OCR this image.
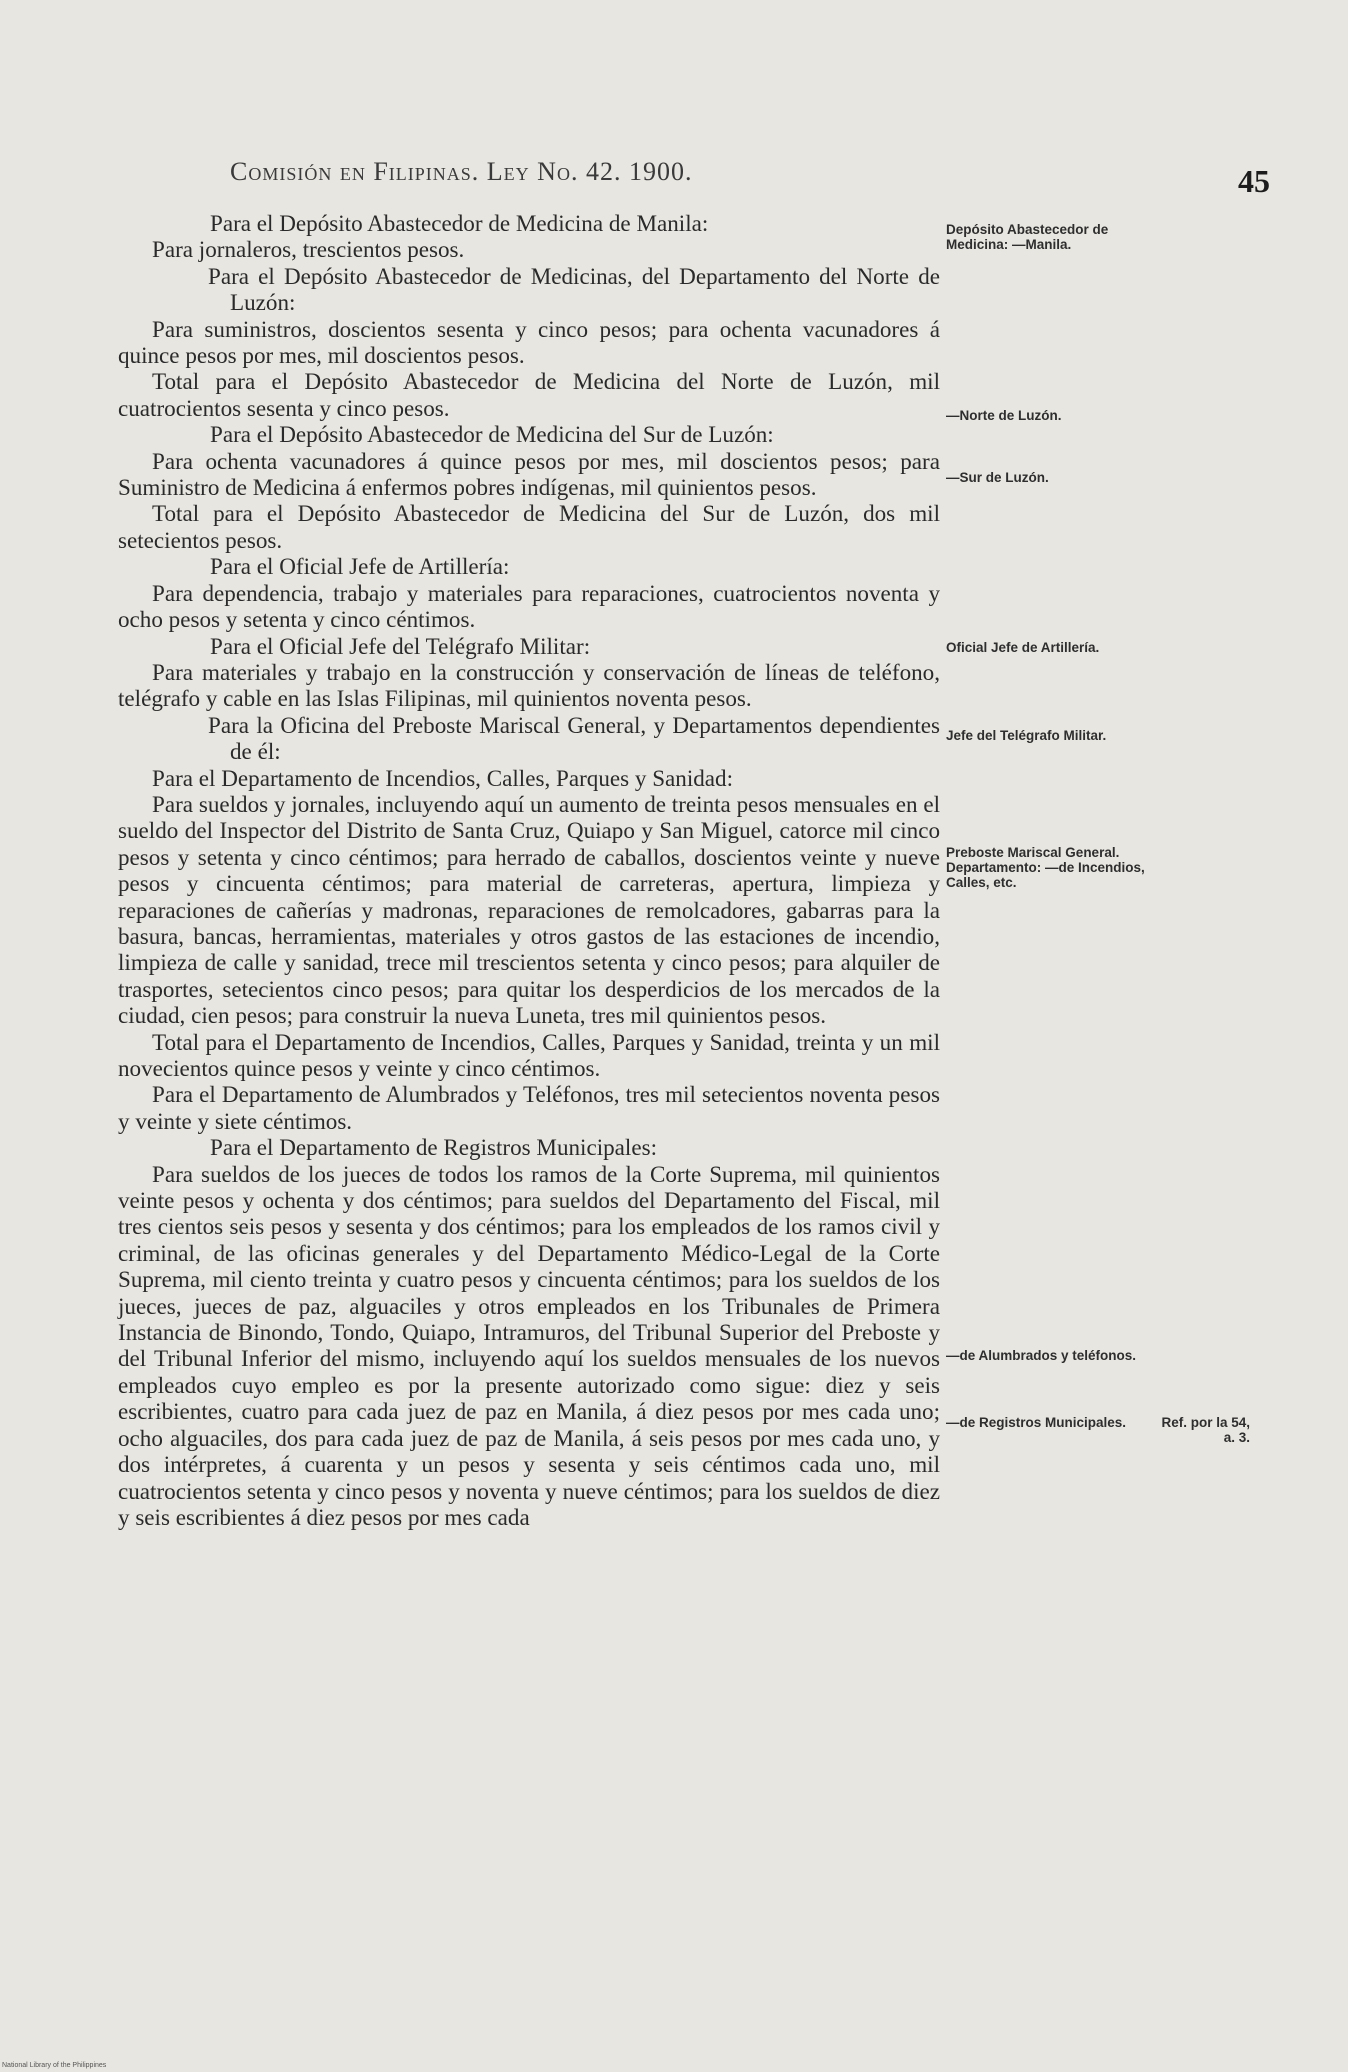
Comisión en Filipinas. Ley No. 42. 1900.	45

Para el Depósito Abastecedor de Medicina de Manila:

Para jornaleros, trescientos pesos.

Para el Depósito Abastecedor de Medicinas, del Departamento del Norte de Luzón:

Para suministros, doscientos sesenta y cinco pesos; para ochenta vacunadores á quince pesos por mes, mil doscientos pesos.

Total para el Depósito Abastecedor de Medicina del Norte de Luzón, mil cuatrocientos sesenta y cinco pesos.

Para el Depósito Abastecedor de Medicina del Sur de Luzón:

Para ochenta vacunadores á quince pesos por mes, mil doscientos pesos; para Suministro de Medicina á enfermos pobres indígenas, mil quinientos pesos.

Total para el Depósito Abastecedor de Medicina del Sur de Luzón, dos mil setecientos pesos.

Para el Oficial Jefe de Artillería:

Para dependencia, trabajo y materiales para reparaciones, cuatrocientos noventa y ocho pesos y setenta y cinco céntimos.

Para el Oficial Jefe del Telégrafo Militar:

Para materiales y trabajo en la construcción y conservación de líneas de teléfono, telégrafo y cable en las Islas Filipinas, mil quinientos noventa pesos.

Para la Oficina del Preboste Mariscal General, y Departamentos dependientes de él:

Para el Departamento de Incendios, Calles, Parques y Sanidad:

Para sueldos y jornales, incluyendo aquí un aumento de treinta pesos mensuales en el sueldo del Inspector del Distrito de Santa Cruz, Quiapo y San Miguel, catorce mil cinco pesos y setenta y cinco céntimos; para herrado de caballos, doscientos veinte y nueve pesos y cincuenta céntimos; para material de carreteras, apertura, limpieza y reparaciones de cañerías y madronas, reparaciones de remolcadores, gabarras para la basura, bancas, herramientas, materiales y otros gastos de las estaciones de incendio, limpieza de calle y sanidad, trece mil trescientos setenta y cinco pesos; para alquiler de trasportes, setecientos cinco pesos; para quitar los desperdicios de los mercados de la ciudad, cien pesos; para construir la nueva Luneta, tres mil quinientos pesos.

Total para el Departamento de Incendios, Calles, Parques y Sanidad, treinta y un mil novecientos quince pesos y veinte y cinco céntimos.

Para el Departamento de Alumbrados y Teléfonos, tres mil setecientos noventa pesos y veinte y siete céntimos.

Para el Departamento de Registros Municipales:

Para sueldos de los jueces de todos los ramos de la Corte Suprema, mil quinientos veinte pesos y ochenta y dos céntimos; para sueldos del Departamento del Fiscal, mil tres cientos seis pesos y sesenta y dos céntimos; para los empleados de los ramos civil y criminal, de las oficinas generales y del Departamento Médico-Legal de la Corte Suprema, mil ciento treinta y cuatro pesos y cincuenta céntimos; para los sueldos de los jueces, jueces de paz, alguaciles y otros empleados en los Tribunales de Primera Instancia de Binondo, Tondo, Quiapo, Intramuros, del Tribunal Superior del Preboste y del Tribunal Inferior del mismo, incluyendo aquí los sueldos mensuales de los nuevos empleados cuyo empleo es por la presente autorizado como sigue: diez y seis escribientes, cuatro para cada juez de paz en Manila, á diez pesos por mes cada uno; ocho alguaciles, dos para cada juez de paz de Manila, á seis pesos por mes cada uno, y dos intérpretes, á cuarenta y un pesos y sesenta y seis céntimos cada uno, mil cuatrocientos setenta y cinco pesos y noventa y nueve céntimos; para los sueldos de diez y seis escribientes á diez pesos por mes cada

Depósito Abastecedor de Medicina: —Manila.
—Norte de Luzón.
—Sur de Luzón.
Oficial Jefe de Artillería.
Jefe del Telégrafo Militar.
Preboste Mariscal General. Departamento: —de Incendios, Calles, etc.
—de Alumbrados y teléfonos.
—de Registros Municipales.	Ref. por la 54, a. 3.
National Library of the Philippines
